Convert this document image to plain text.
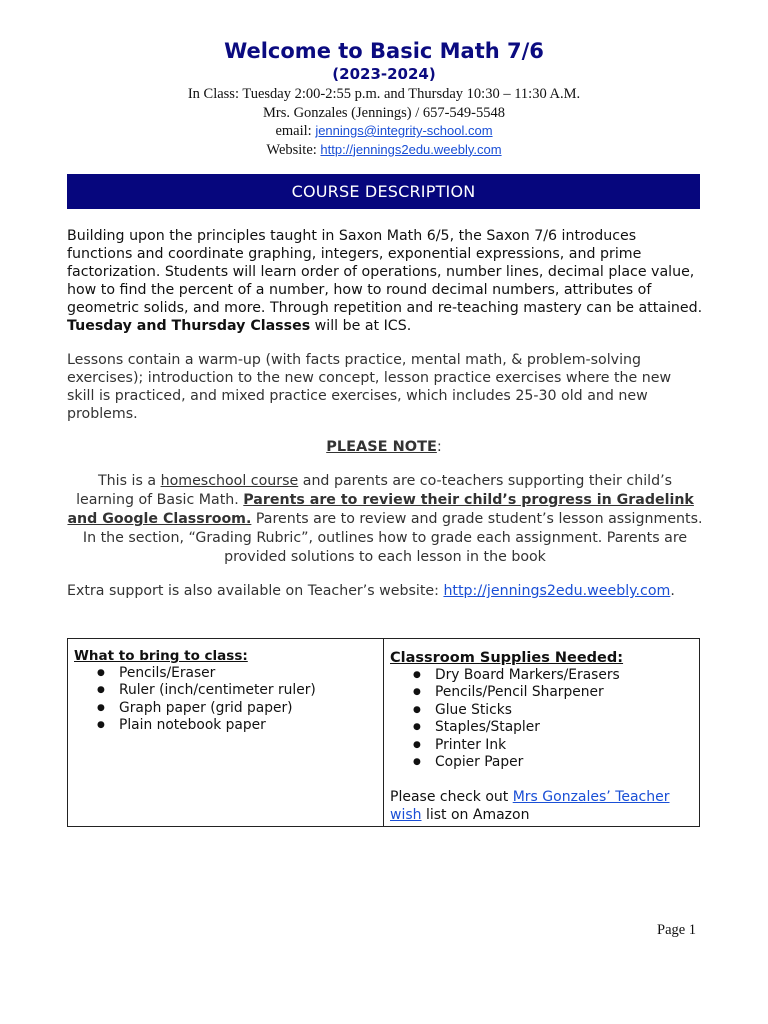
Welcome to Basic Math 7/6

(2023-2024)

In Class: Tuesday 2:00-2:55 p.m. and Thursday 10:30 – 11:30 A.M.

Mrs. Gonzales (Jennings) / 657-549-5548

email: jennings@integrity-school.com

Website: http://jennings2edu.weebly.com

COURSE DESCRIPTION
Building upon the principles taught in Saxon Math 6/5, the Saxon 7/6 introduces functions and coordinate graphing, integers, exponential expressions, and prime factorization. Students will learn order of operations, number lines, decimal place value, how to find the percent of a number, how to round decimal numbers, attributes of geometric solids, and more. Through repetition and re-teaching mastery can be attained. Tuesday and Thursday Classes will be at ICS.
Lessons contain a warm-up (with facts practice, mental math, & problem-solving exercises); introduction to the new concept, lesson practice exercises where the new skill is practiced, and mixed practice exercises, which includes 25-30 old and new problems.
PLEASE NOTE:
This is a homeschool course and parents are co-teachers supporting their child’s learning of Basic Math. Parents are to review their child’s progress in Gradelink and Google Classroom. Parents are to review and grade student’s lesson assignments. In the section, “Grading Rubric”, outlines how to grade each assignment. Parents are provided solutions to each lesson in the book
Extra support is also available on Teacher’s website: http://jennings2edu.weebly.com.
What to bring to class:
● Pencils/Eraser
● Ruler (inch/centimeter ruler)
● Graph paper (grid paper)
● Plain notebook paper
Classroom Supplies Needed:
● Dry Board Markers/Erasers
● Pencils/Pencil Sharpener
● Glue Sticks
● Staples/Stapler
● Printer Ink
● Copier Paper
Please check out Mrs Gonzales’ Teacher wish list on Amazon
Page 1
